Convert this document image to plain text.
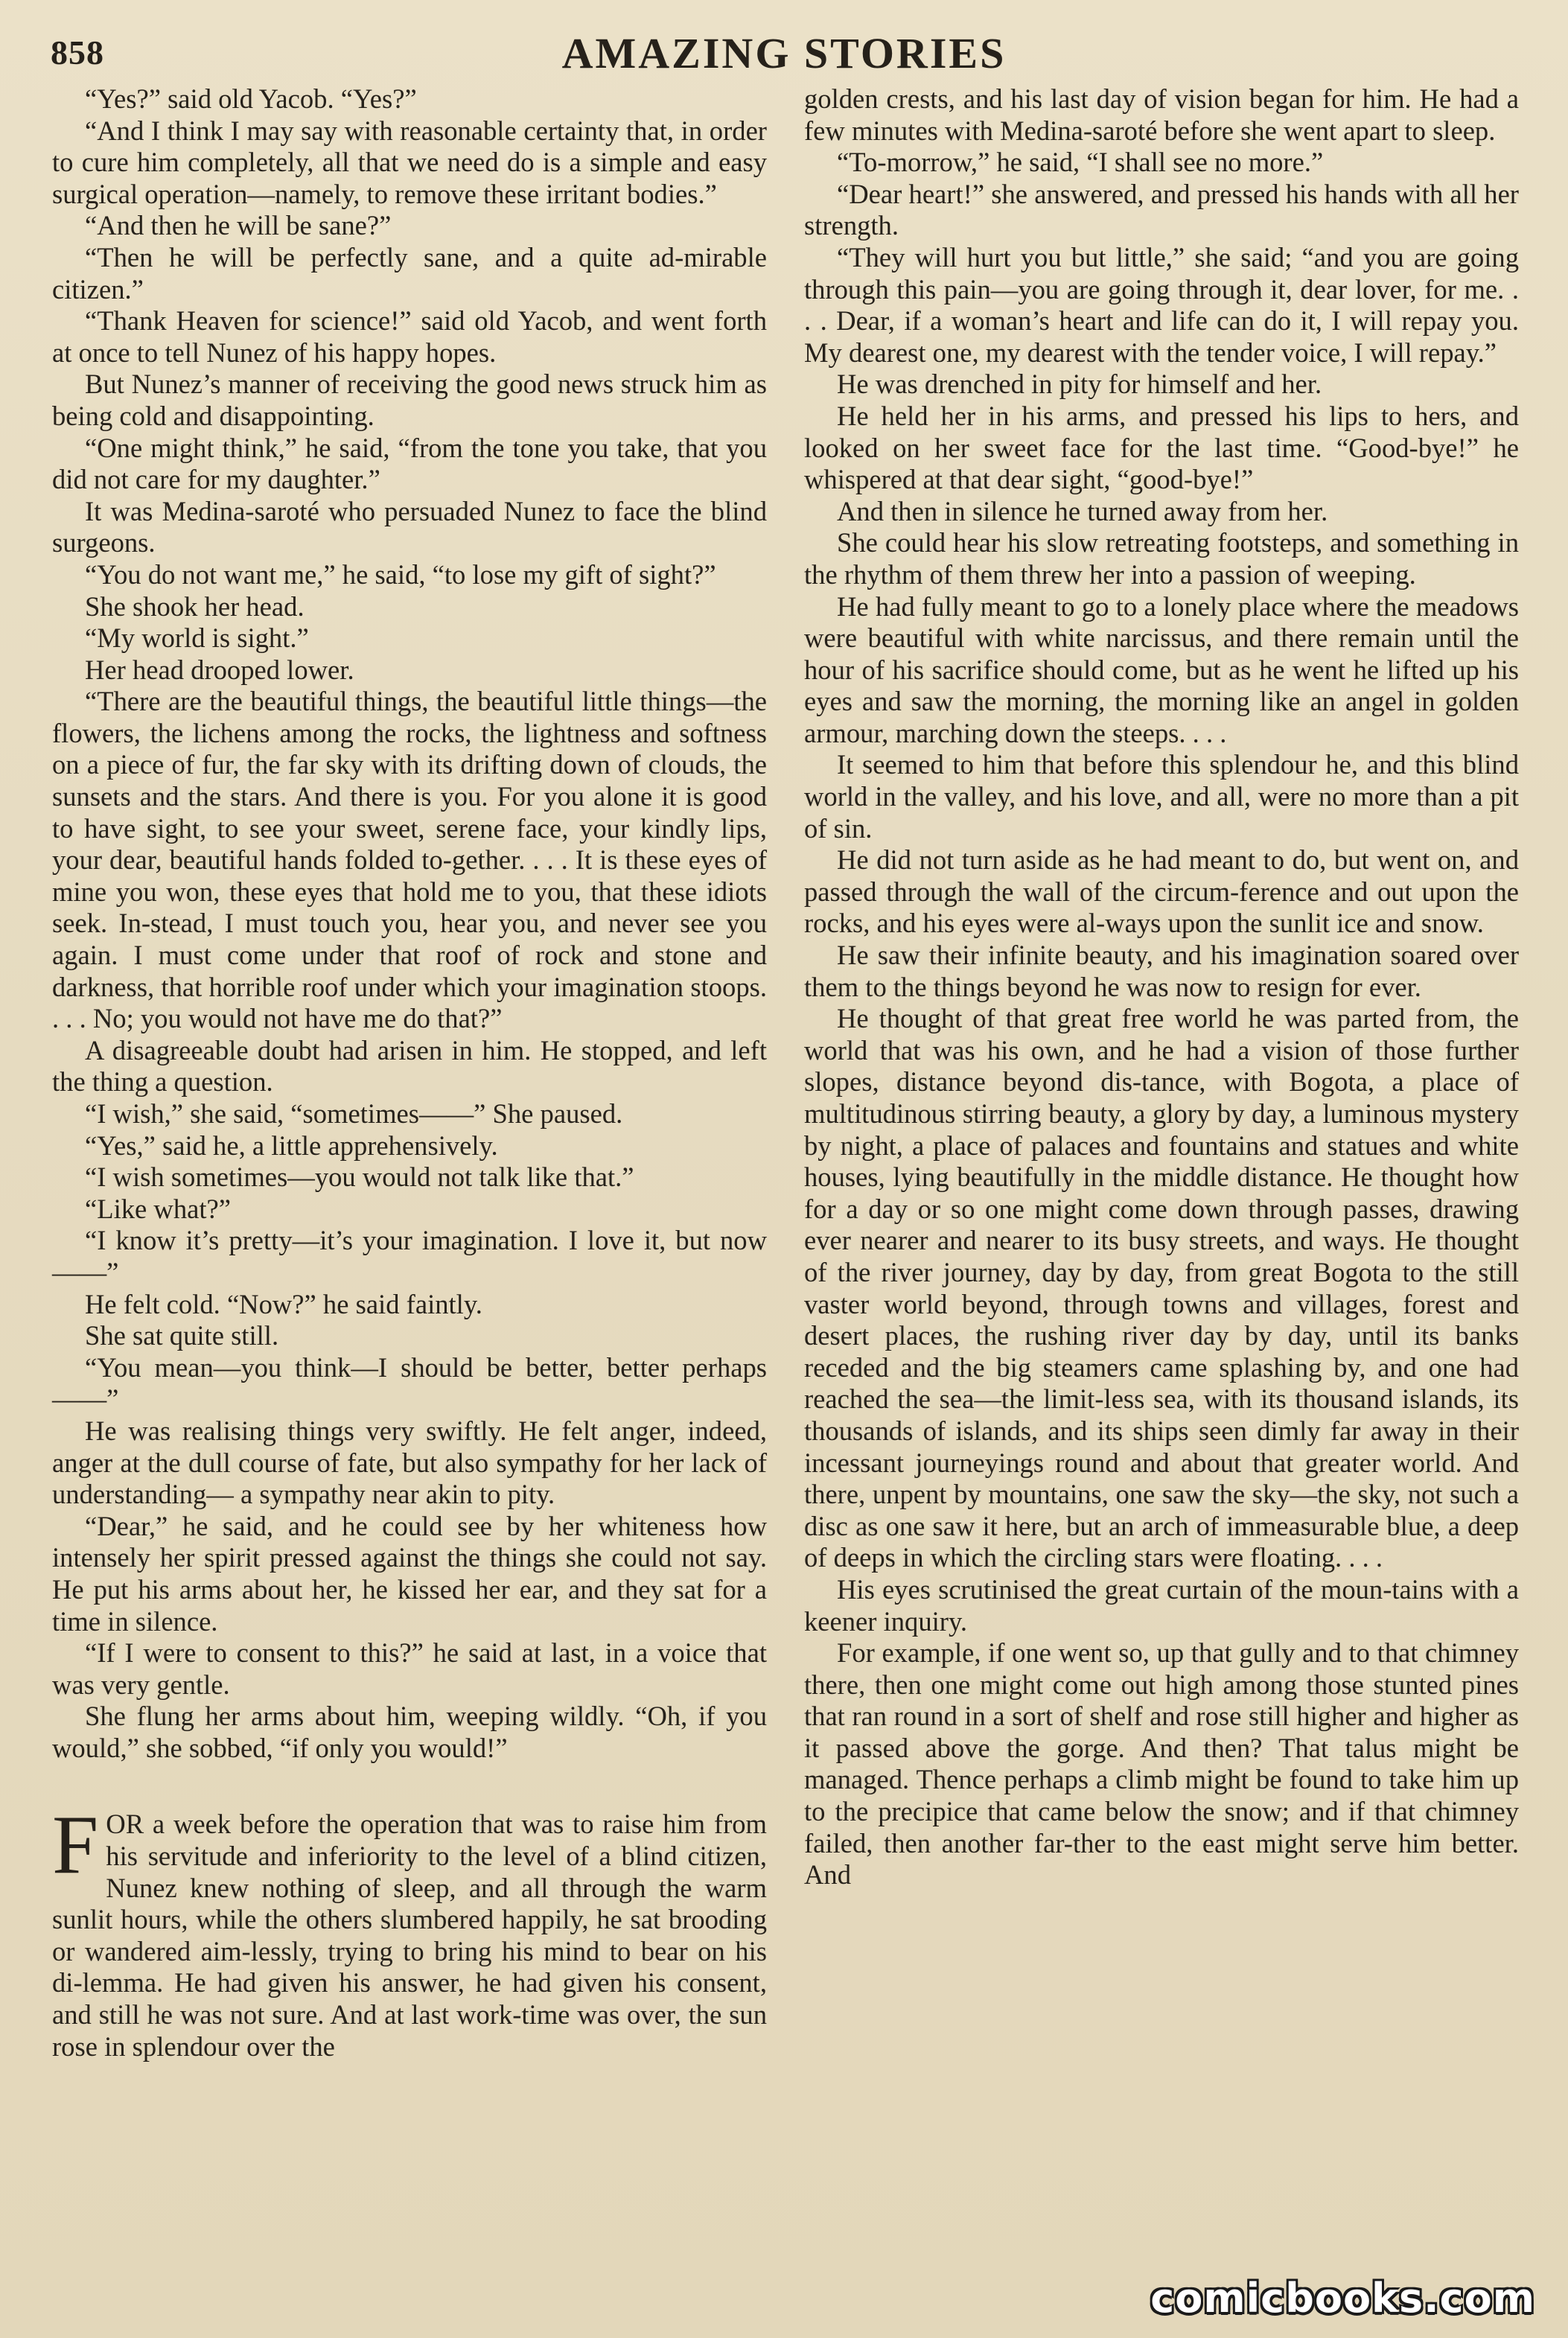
858	AMAZING STORIES

“Yes?” said old Yacob. “Yes?”

“And I think I may say with reasonable certainty that, in order to cure him completely, all that we need do is a simple and easy surgical operation—namely, to remove these irritant bodies.”

“And then he will be sane?”

“Then he will be perfectly sane, and a quite ad-mirable citizen.”

“Thank Heaven for science!” said old Yacob, and went forth at once to tell Nunez of his happy hopes.

But Nunez’s manner of receiving the good news struck him as being cold and disappointing.

“One might think,” he said, “from the tone you take, that you did not care for my daughter.”

It was Medina-saroté who persuaded Nunez to face the blind surgeons.

“You do not want me,” he said, “to lose my gift of sight?”

She shook her head.

“My world is sight.”

Her head drooped lower.

“There are the beautiful things, the beautiful little things—the flowers, the lichens among the rocks, the lightness and softness on a piece of fur, the far sky with its drifting down of clouds, the sunsets and the stars. And there is you. For you alone it is good to have sight, to see your sweet, serene face, your kindly lips, your dear, beautiful hands folded to-gether. . . . It is these eyes of mine you won, these eyes that hold me to you, that these idiots seek. In-stead, I must touch you, hear you, and never see you again. I must come under that roof of rock and stone and darkness, that horrible roof under which your imagination stoops. . . . No; you would not have me do that?”

A disagreeable doubt had arisen in him. He stopped, and left the thing a question.

“I wish,” she said, “sometimes——” She paused.

“Yes,” said he, a little apprehensively.

“I wish sometimes—you would not talk like that.”

“Like what?”

“I know it’s pretty—it’s your imagination. I love it, but now——”

He felt cold. “Now?” he said faintly.

She sat quite still.

“You mean—you think—I should be better, better perhaps——”

He was realising things very swiftly. He felt anger, indeed, anger at the dull course of fate, but also sympathy for her lack of understanding— a sympathy near akin to pity.

“Dear,” he said, and he could see by her whiteness how intensely her spirit pressed against the things she could not say. He put his arms about her, he kissed her ear, and they sat for a time in silence.

“If I were to consent to this?” he said at last, in a voice that was very gentle.

She flung her arms about him, weeping wildly. “Oh, if you would,” she sobbed, “if only you would!”

FOR a week before the operation that was to raise him from his servitude and inferiority to the level of a blind citizen, Nunez knew nothing of sleep, and all through the warm sunlit hours, while the others slumbered happily, he sat brooding or wandered aim-lessly, trying to bring his mind to bear on his di-lemma. He had given his answer, he had given his consent, and still he was not sure. And at last work-time was over, the sun rose in splendour over the

golden crests, and his last day of vision began for him. He had a few minutes with Medina-saroté before she went apart to sleep.

“To-morrow,” he said, “I shall see no more.”

“Dear heart!” she answered, and pressed his hands with all her strength.

“They will hurt you but little,” she said; “and you are going through this pain—you are going through it, dear lover, for me. . . . Dear, if a woman’s heart and life can do it, I will repay you. My dearest one, my dearest with the tender voice, I will repay.”

He was drenched in pity for himself and her.

He held her in his arms, and pressed his lips to hers, and looked on her sweet face for the last time. “Good-bye!” he whispered at that dear sight, “good-bye!”

And then in silence he turned away from her.

She could hear his slow retreating footsteps, and something in the rhythm of them threw her into a passion of weeping.

He had fully meant to go to a lonely place where the meadows were beautiful with white narcissus, and there remain until the hour of his sacrifice should come, but as he went he lifted up his eyes and saw the morning, the morning like an angel in golden armour, marching down the steeps. . . .

It seemed to him that before this splendour he, and this blind world in the valley, and his love, and all, were no more than a pit of sin.

He did not turn aside as he had meant to do, but went on, and passed through the wall of the circum-ference and out upon the rocks, and his eyes were al-ways upon the sunlit ice and snow.

He saw their infinite beauty, and his imagination soared over them to the things beyond he was now to resign for ever.

He thought of that great free world he was parted from, the world that was his own, and he had a vision of those further slopes, distance beyond dis-tance, with Bogota, a place of multitudinous stirring beauty, a glory by day, a luminous mystery by night, a place of palaces and fountains and statues and white houses, lying beautifully in the middle distance. He thought how for a day or so one might come down through passes, drawing ever nearer and nearer to its busy streets, and ways. He thought of the river journey, day by day, from great Bogota to the still vaster world beyond, through towns and villages, forest and desert places, the rushing river day by day, until its banks receded and the big steamers came splashing by, and one had reached the sea—the limit-less sea, with its thousand islands, its thousands of islands, and its ships seen dimly far away in their incessant journeyings round and about that greater world. And there, unpent by mountains, one saw the sky—the sky, not such a disc as one saw it here, but an arch of immeasurable blue, a deep of deeps in which the circling stars were floating. . . .

His eyes scrutinised the great curtain of the moun-tains with a keener inquiry.

For example, if one went so, up that gully and to that chimney there, then one might come out high among those stunted pines that ran round in a sort of shelf and rose still higher and higher as it passed above the gorge. And then? That talus might be managed. Thence perhaps a climb might be found to take him up to the precipice that came below the snow; and if that chimney failed, then another far-ther to the east might serve him better. And

comicbooks.com
